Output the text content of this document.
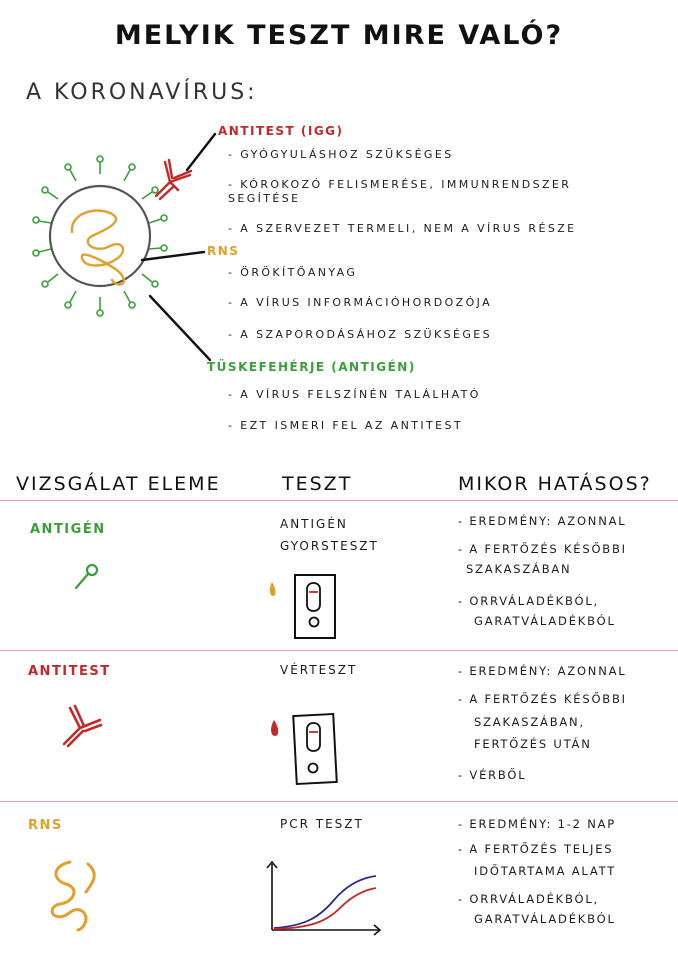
MELYIK TESZT MIRE VALÓ?
A KORONAVÍRUS:
ANTITEST (IGG)
- GYÓGYULÁSHOZ SZÜKSÉGES
- KÓROKOZÓ FELISMERÉSE, IMMUNRENDSZER SEGÍTÉSE
- A SZERVEZET TERMELI, NEM A VÍRUS RÉSZE
RNS
- ÖRÖKÍTŐANYAG
- A VÍRUS INFORMÁCIÓHORDOZÓJA
- A SZAPORODÁSÁHOZ SZÜKSÉGES
TÜSKEFEHÉRJE (ANTIGÉN)
- A VÍRUS FELSZÍNÉN TALÁLHATÓ
- EZT ISMERI FEL AZ ANTITEST
VIZSGÁLAT ELEME	TESZT	MIKOR HATÁSOS?
ANTIGÉN	ANTIGÉN
GYORSTESZT
- EREDMÉNY: AZONNAL
- A FERTŐZÉS KÉSŐBBI
SZAKASZÁBAN
- ORRVÁLADÉKBÓL,
GARATVÁLADÉKBÓL
ANTITEST	VÉRTESZT	- EREDMÉNY: AZONNAL
- A FERTŐZÉS KÉSŐBBI
SZAKASZÁBAN,
FERTŐZÉS UTÁN
- VÉRBŐL
RNS	PCR TESZT	- EREDMÉNY: 1-2 NAP
- A FERTŐZÉS TELJES
IDŐTARTAMA ALATT
- ORRVÁLADÉKBÓL,
GARATVÁLADÉKBÓL
